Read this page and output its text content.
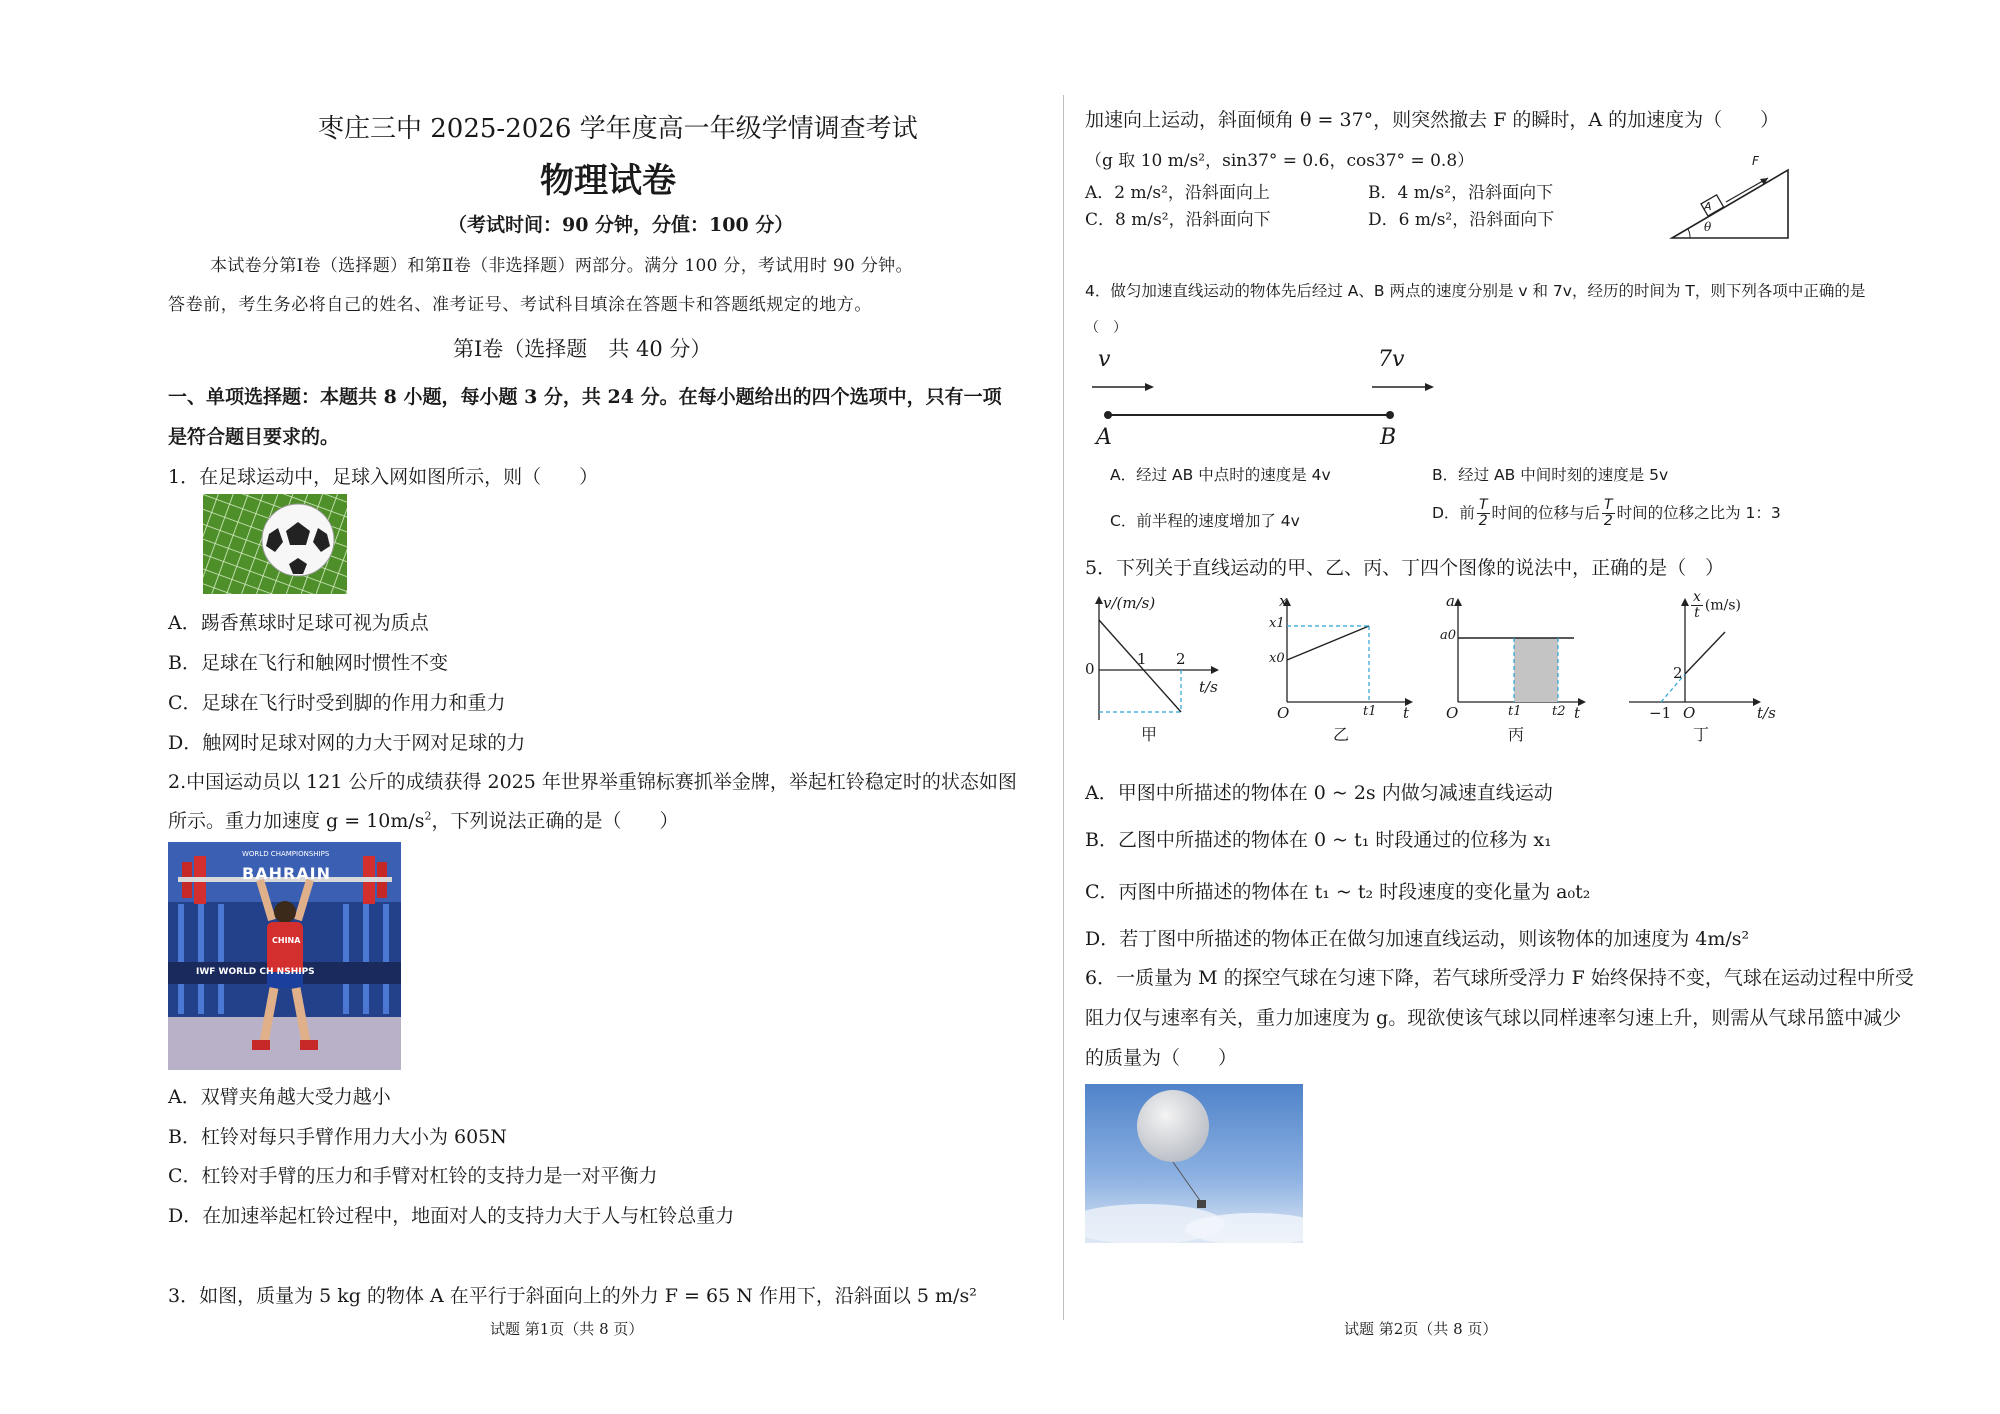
枣庄三中 2025-2026 学年度高一年级学情调查考试
物理试卷
（考试时间：90 分钟，分值：100 分）
本试卷分第Ⅰ卷（选择题）和第Ⅱ卷（非选择题）两部分。满分 100 分，考试用时 90 分钟。
答卷前，考生务必将自己的姓名、准考证号、考试科目填涂在答题卡和答题纸规定的地方。
第Ⅰ卷（选择题　共 40 分）
一、单项选择题：本题共 8 小题，每小题 3 分，共 24 分。在每小题给出的四个选项中，只有一项
是符合题目要求的。
1．在足球运动中，足球入网如图所示，则（　　）
A．踢香蕉球时足球可视为质点
B．足球在飞行和触网时惯性不变
C．足球在飞行时受到脚的作用力和重力
D．触网时足球对网的力大于网对足球的力
2.中国运动员以 121 公斤的成绩获得 2025 年世界举重锦标赛抓举金牌，举起杠铃稳定时的状态如图
所示。重力加速度 $g = 10m/s^2$，下列说法正确的是（　　）
WORLD CHAMPIONSHIPS
BAHRAIN
IWF WORLD CH NSHIPS
CHINA
A．双臂夹角越大受力越小
B．杠铃对每只手臂作用力大小为 605N
C．杠铃对手臂的压力和手臂对杠铃的支持力是一对平衡力
D．在加速举起杠铃过程中，地面对人的支持力大于人与杠铃总重力
3．如图，质量为 5 kg 的物体 A 在平行于斜面向上的外力 F = 65 N 作用下，沿斜面以 5 m/s²
试题 第1页（共 8 页）
加速向上运动，斜面倾角 θ = 37°，则突然撤去 F 的瞬时，A 的加速度为（　　）
（g 取 10 m/s²，sin37° = 0.6，cos37° = 0.8）
A．2 m/s²，沿斜面向上	B．4 m/s²，沿斜面向下
C．8 m/s²，沿斜面向下	D．6 m/s²，沿斜面向下
F
A
θ
4．做匀加速直线运动的物体先后经过 A、B 两点的速度分别是 v 和 7v，经历的时间为 T，则下列各项中正确的是
（　）
v	7v
A	B
A．经过 AB 中点时的速度是 4v	B．经过 AB 中间时刻的速度是 5v
C．前半程的速度增加了 4v	D．前 $\frac{T}{2}$ 时间的位移与后 $\frac{T}{2}$ 时间的位移之比为 1：3
5．下列关于直线运动的甲、乙、丙、丁四个图像的说法中，正确的是（　）
v/(m/s)
0
1 2
t/s
甲
x
x1
x0
O	t1 t
乙
a
a0
O	t1 t2 t
丙
$\frac{x}{t} (m/s)$
2
−1 O	t/s
丁
A．甲图中所描述的物体在 0 ~ 2s 内做匀减速直线运动
B．乙图中所描述的物体在 0 ~ t₁ 时段通过的位移为 x₁
C．丙图中所描述的物体在 t₁ ~ t₂ 时段速度的变化量为 a₀t₂
D．若丁图中所描述的物体正在做匀加速直线运动，则该物体的加速度为 4m/s²
6．一质量为 M 的探空气球在匀速下降，若气球所受浮力 F 始终保持不变，气球在运动过程中所受
阻力仅与速率有关，重力加速度为 g。现欲使该气球以同样速率匀速上升，则需从气球吊篮中减少
的质量为（　　）
试题 第2页（共 8 页）
